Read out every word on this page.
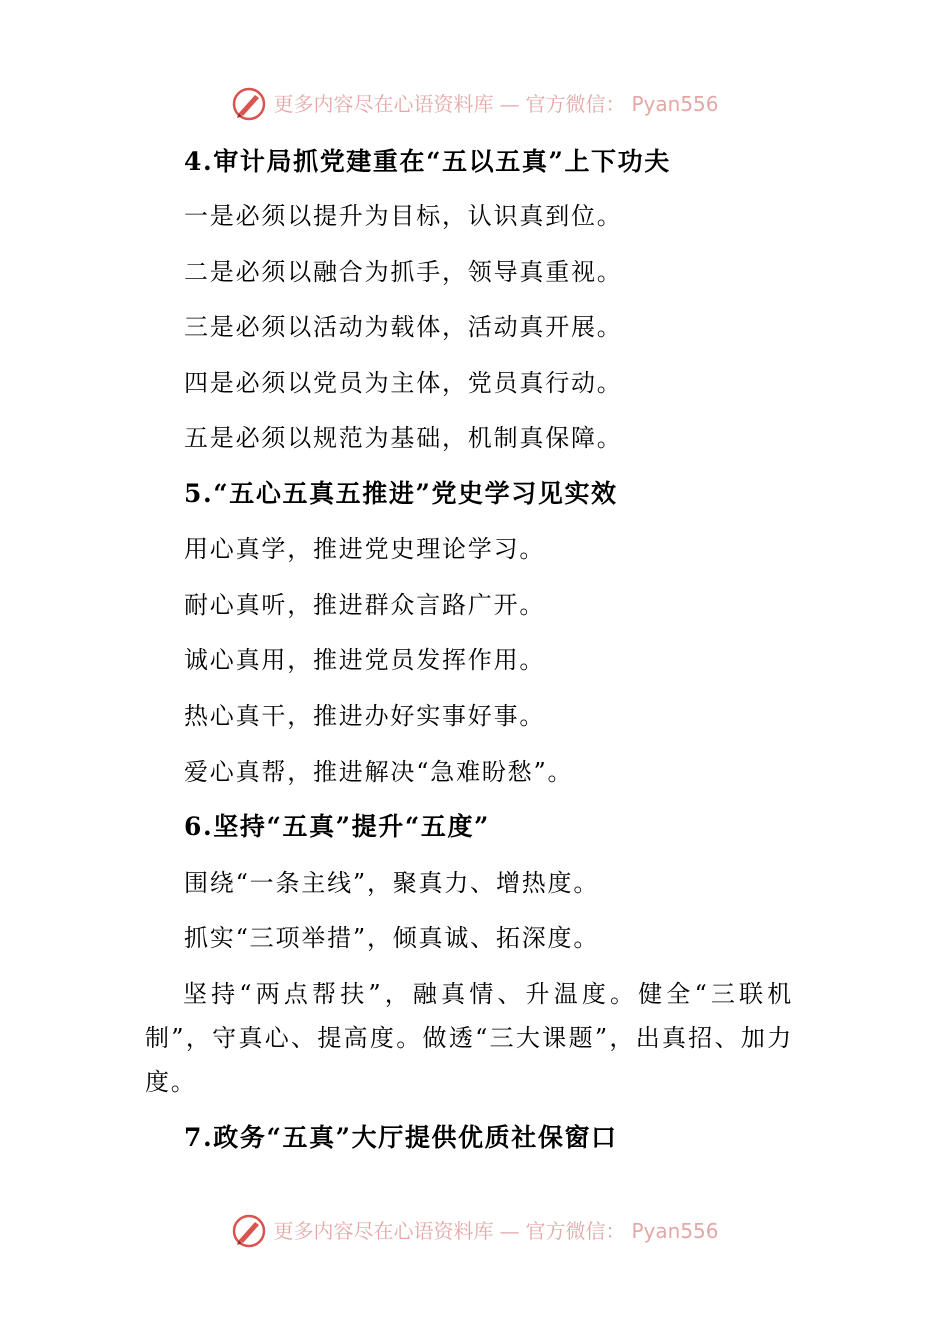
更多内容尽在心语资料库 — 官方微信： Pyan556

4.审计局抓党建重在“五以五真”上下功夫

一是必须以提升为目标，认识真到位。

二是必须以融合为抓手，领导真重视。

三是必须以活动为载体，活动真开展。

四是必须以党员为主体，党员真行动。

五是必须以规范为基础，机制真保障。

5.“五心五真五推进”党史学习见实效

用心真学，推进党史理论学习。

耐心真听，推进群众言路广开。

诚心真用，推进党员发挥作用。

热心真干，推进办好实事好事。

爱心真帮，推进解决“急难盼愁”。

6.坚持“五真”提升“五度”

围绕“一条主线”，聚真力、增热度。

抓实“三项举措”，倾真诚、拓深度。

坚持“两点帮扶”，融真情、升温度。健全“三联机制”，守真心、提高度。做透“三大课题”，出真招、加力度。

7.政务“五真”大厅提供优质社保窗口

更多内容尽在心语资料库 — 官方微信： Pyan556
